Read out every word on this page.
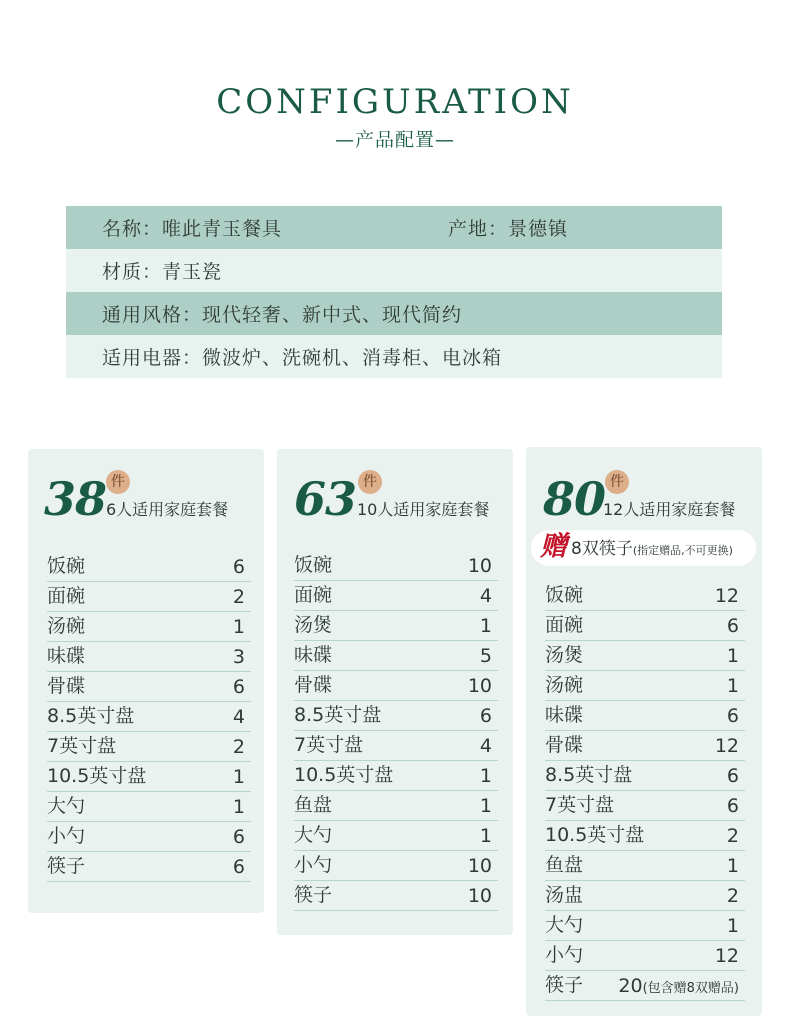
CONFIGURATION
—产品配置—
名称：唯此青玉餐具	产地：景德镇
材质：青玉瓷
通用风格：现代轻奢、新中式、现代简约
适用电器：微波炉、洗碗机、消毒柜、电冰箱
38 件
6人适用家庭套餐
饭碗	6
面碗	2
汤碗	1
味碟	3
骨碟	6
8.5英寸盘	4
7英寸盘	2
10.5英寸盘	1
大勺	1
小勺	6
筷子	6
63 件
10人适用家庭套餐
饭碗	10
面碗	4
汤煲	1
味碟	5
骨碟	10
8.5英寸盘	6
7英寸盘	4
10.5英寸盘	1
鱼盘	1
大勺	1
小勺	10
筷子	10
80 件
12人适用家庭套餐
赠 8双筷子(指定赠品,不可更换)
饭碗	12
面碗	6
汤煲	1
汤碗	1
味碟	6
骨碟	12
8.5英寸盘	6
7英寸盘	6
10.5英寸盘	2
鱼盘	1
汤盅	2
大勺	1
小勺	12
筷子 20(包含赠8双赠品)
